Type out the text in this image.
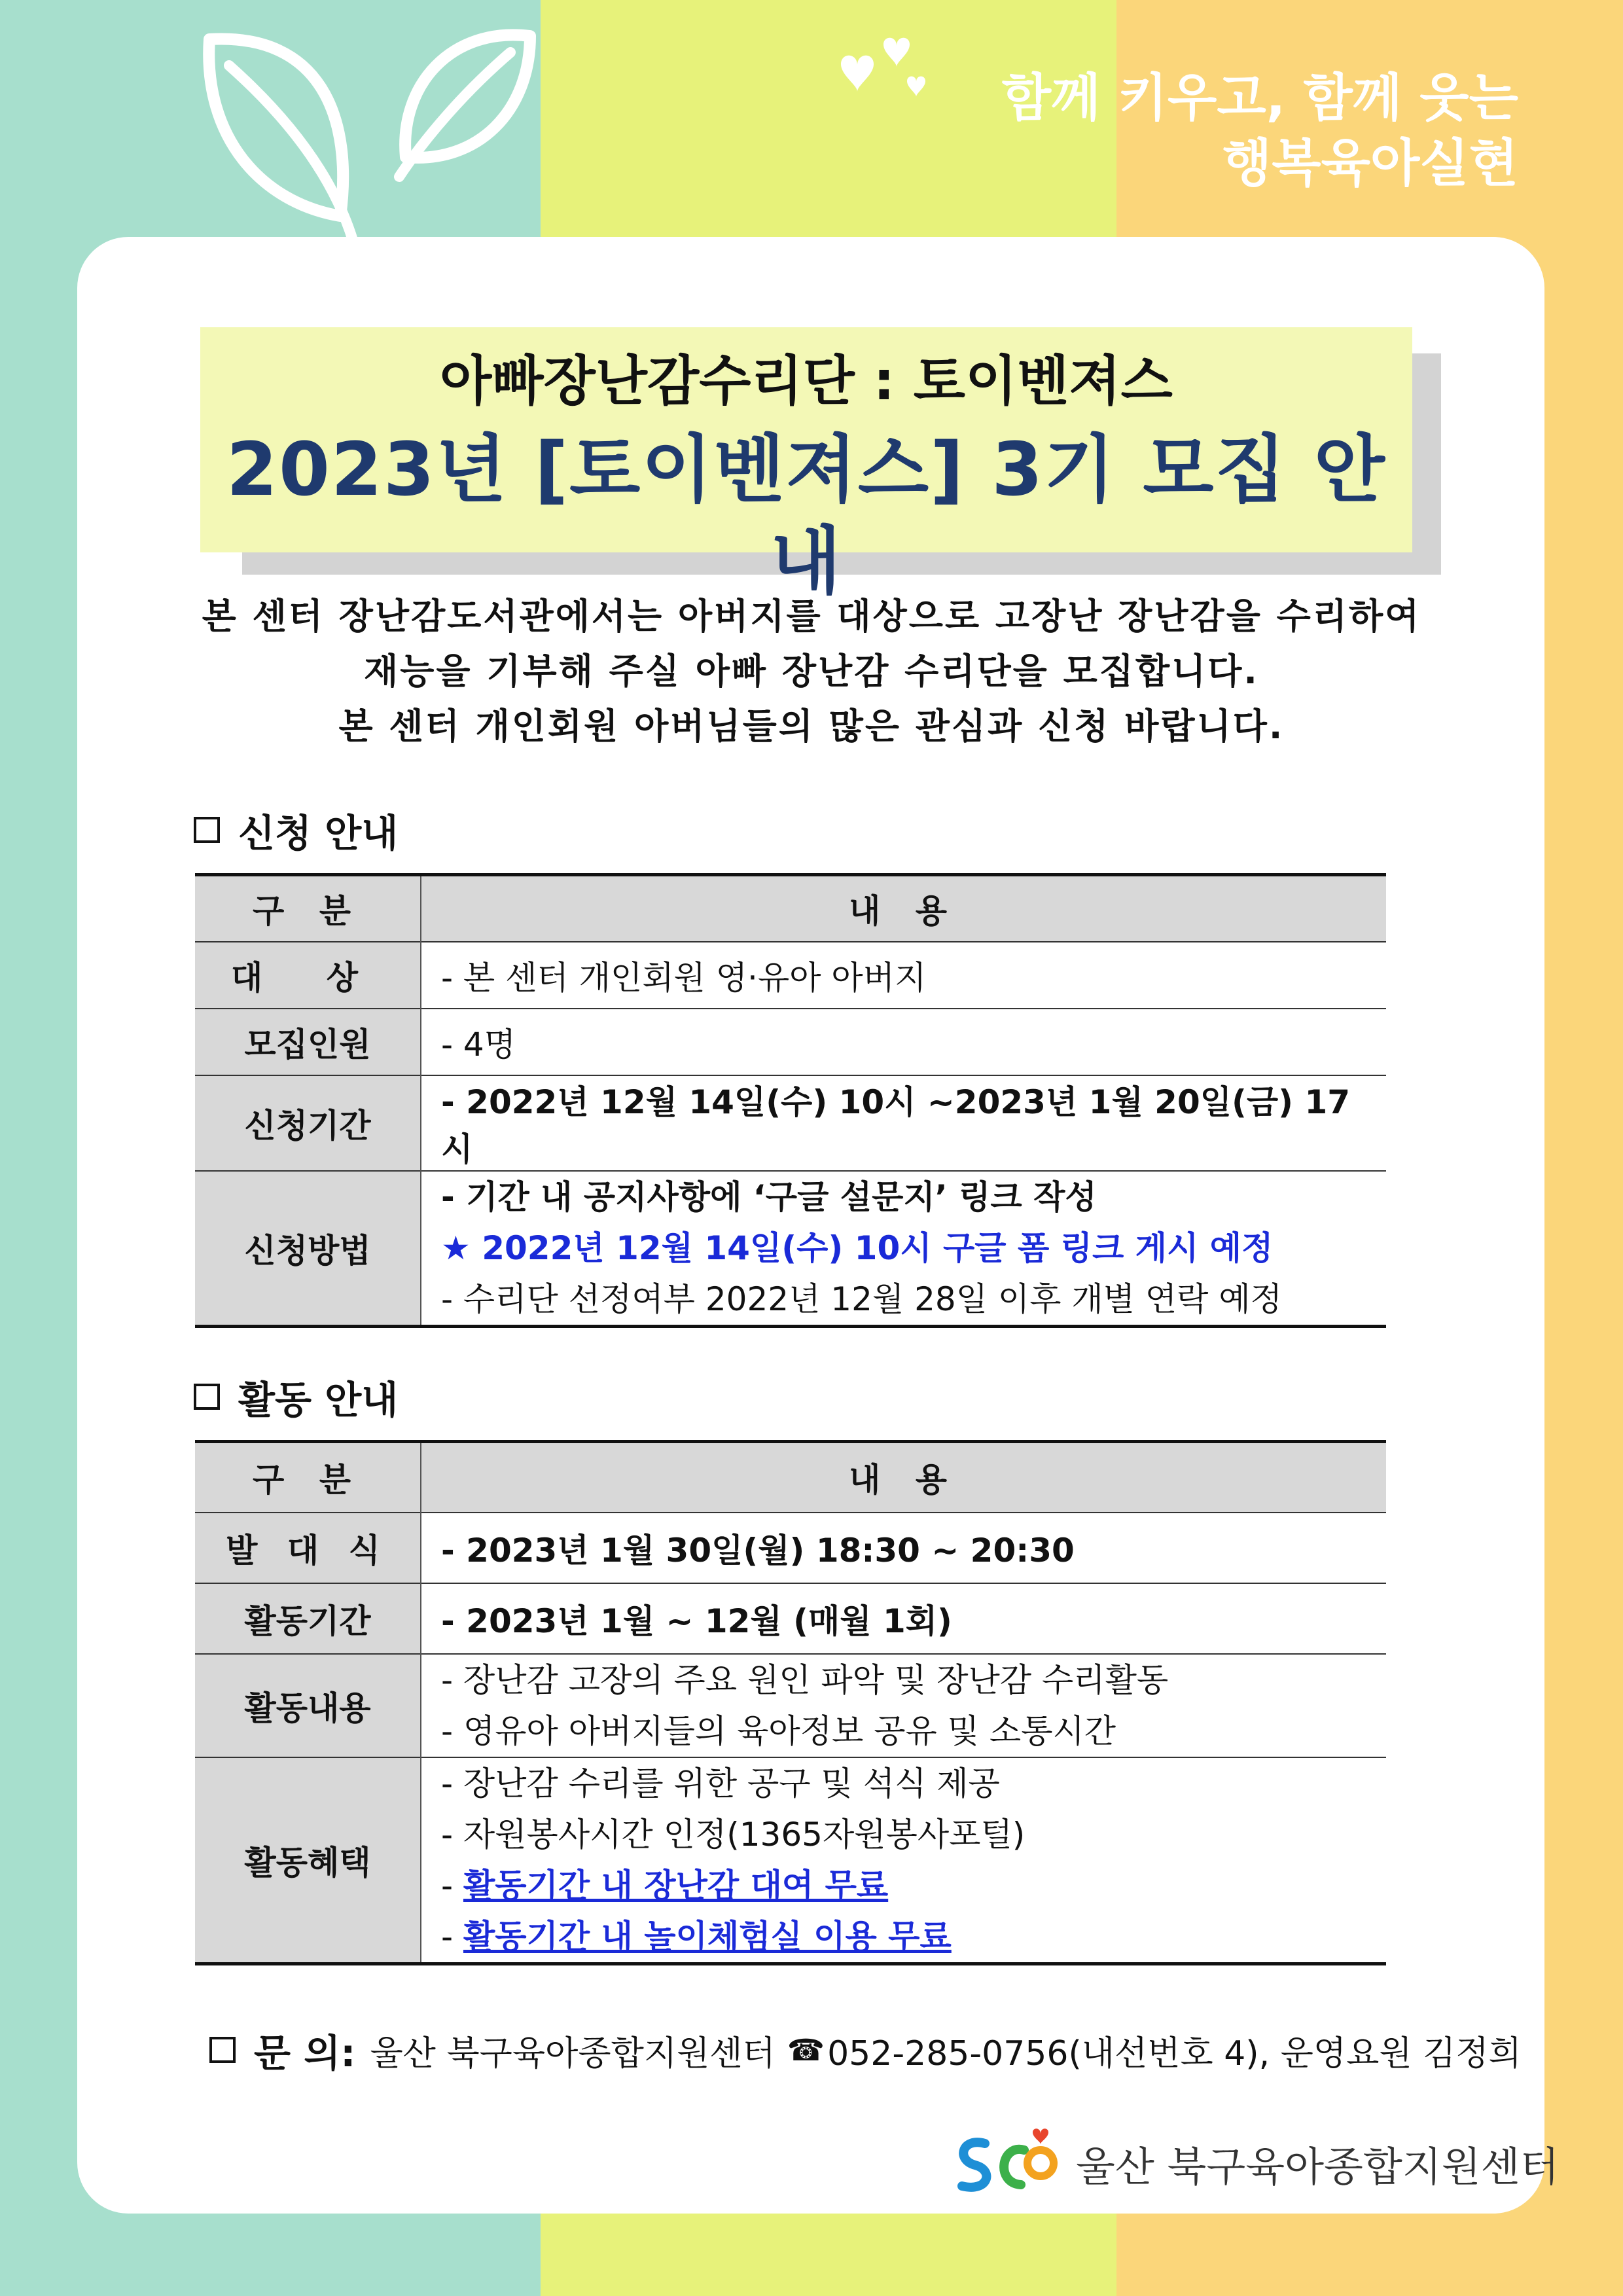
함께 키우고, 함께 웃는
행복육아실현
아빠장난감수리단 : 토이벤져스
2023년 [토이벤져스] 3기 모집 안내
본 센터 장난감도서관에서는 아버지를 대상으로 고장난 장난감을 수리하여
재능을 기부해 주실 아빠 장난감 수리단을 모집합니다.
본 센터 개인회원 아버님들의 많은 관심과 신청 바랍니다.
신청 안내
구 분	내 용
대 상	- 본 센터 개인회원 영·유아 아버지
모집인원	- 4명
신청기간	- 2022년 12월 14일(수) 10시 ~2023년 1월 20일(금) 17시
신청방법	- 기간 내 공지사항에 ‘구글 설문지’ 링크 작성
★ 2022년 12월 14일(수) 10시 구글 폼 링크 게시 예정
- 수리단 선정여부 2022년 12월 28일 이후 개별 연락 예정
활동 안내
구 분	내 용
발 대 식	- 2023년 1월 30일(월) 18:30 ~ 20:30
활동기간	- 2023년 1월 ~ 12월 (매월 1회)
활동내용	- 장난감 고장의 주요 원인 파악 및 장난감 수리활동
- 영유아 아버지들의 육아정보 공유 및 소통시간

활동혜택	- 장난감 수리를 위한 공구 및 석식 제공
- 자원봉사시간 인정(1365자원봉사포털)
- 활동기간 내 장난감 대여 무료
- 활동기간 내 놀이체험실 이용 무료
문 의: 울산 북구육아종합지원센터 ☎ 052-285-0756(내선번호 4), 운영요원 김정희
울산 북구육아종합지원센터
